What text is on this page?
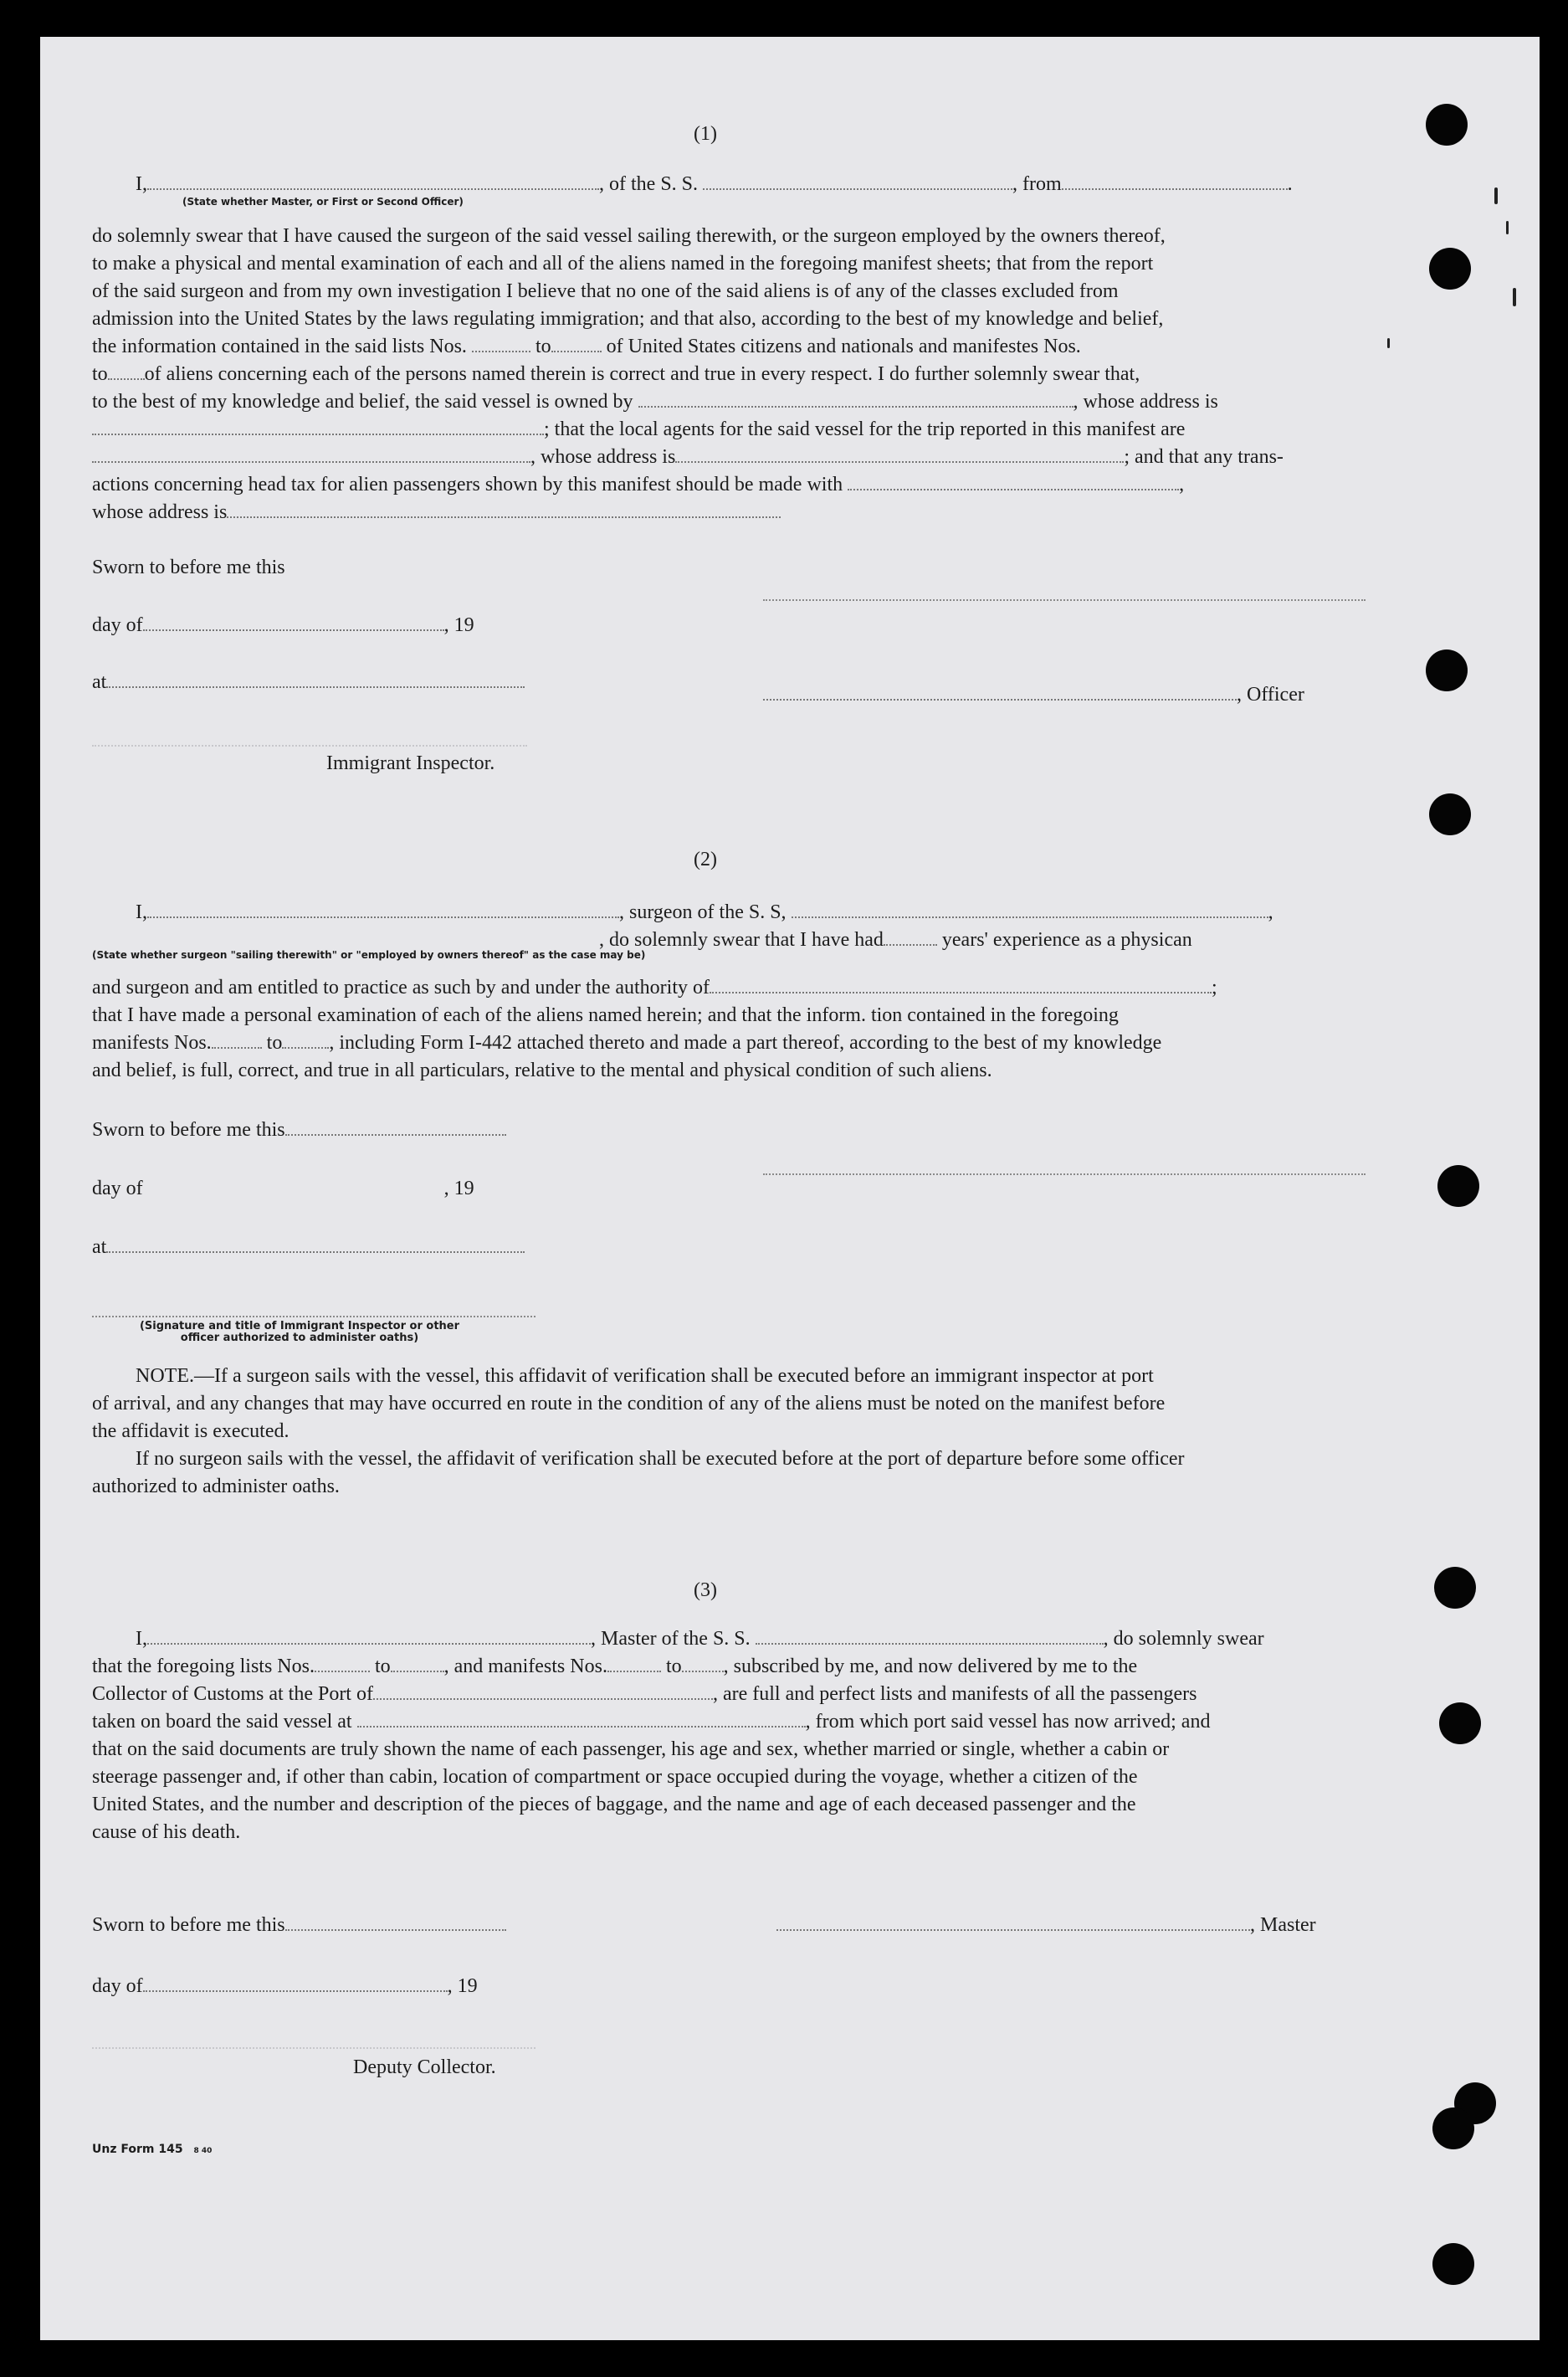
(1)
I,	, of the S. S.	, from	.
(State whether Master, or First or Second Officer)
do solemnly swear that I have caused the surgeon of the said vessel sailing therewith, or the surgeon employed by the owners thereof,
to make a physical and mental examination of each and all of the aliens named in the foregoing manifest sheets; that from the report
of the said surgeon and from my own investigation I believe that no one of the said aliens is of any of the classes excluded from
admission into the United States by the laws regulating immigration; and that also, according to the best of my knowledge and belief,
the information contained in the said lists Nos.	to	of United States citizens and nationals and manifestes Nos.
to of aliens concerning each of the persons named therein is correct and true in every respect. I do further solemnly swear that,
to the best of my knowledge and belief, the said vessel is owned by	, whose address is
; that the local agents for the said vessel for the trip reported in this manifest are
, whose address is	; and that any trans-
actions concerning head tax for alien passengers shown by this manifest should be made with	,
whose address is
Sworn to before me this
day of	, 19
at
, Officer
Immigrant Inspector.
(2)
I,	, surgeon of the S. S,	,
, do solemnly swear that I have had	years' experience as a physican
(State whether surgeon "sailing therewith" or "employed by owners thereof" as the case may be)
and surgeon and am entitled to practice as such by and under the authority of	;
that I have made a personal examination of each of the aliens named herein; and that the inform. tion contained in the foregoing
manifests Nos.	to , including Form I-442 attached thereto and made a part thereof, according to the best of my knowledge
and belief, is full, correct, and true in all particulars, relative to the mental and physical condition of such aliens.
Sworn to before me this
day of	, 19
at
(Signature and title of Immigrant Inspector or other
officer authorized to administer oaths)
NOTE.—If a surgeon sails with the vessel, this affidavit of verification shall be executed before an immigrant inspector at port
of arrival, and any changes that may have occurred en route in the condition of any of the aliens must be noted on the manifest before
the affidavit is executed.
If no surgeon sails with the vessel, the affidavit of verification shall be executed before at the port of departure before some officer
authorized to administer oaths.
(3)
I,	, Master of the S. S.	, do solemnly swear
that the foregoing lists Nos.	to	, and manifests Nos.	to , subscribed by me, and now delivered by me to the
Collector of Customs at the Port of	, are full and perfect lists and manifests of all the passengers
taken on board the said vessel at	, from which port said vessel has now arrived; and
that on the said documents are truly shown the name of each passenger, his age and sex, whether married or single, whether a cabin or
steerage passenger and, if other than cabin, location of compartment or space occupied during the voyage, whether a citizen of the
United States, and the number and description of the pieces of baggage, and the name and age of each deceased passenger and the
cause of his death.
Sworn to before me this	, Master
day of	, 19
Deputy Collector.
Unz Form 145 8 40
